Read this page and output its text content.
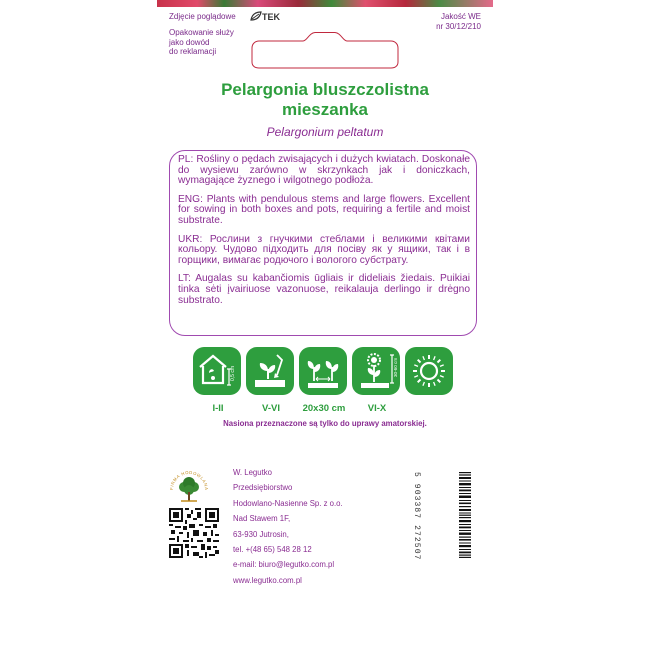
Zdjęcie poglądowe	TEK	Jakość WE
nr 30/12/210
Opakowanie służy
jako dowód
do reklamacji
Pelargonia bluszczolistna
mieszanka
Pelargonium peltatum

PL: Rośliny o pędach zwisających i dużych kwiatach. Doskonałe do wysiewu zarówno w skrzynkach jak i doniczkach, wymagające żyznego i wilgotnego podłoża.

ENG: Plants with pendulous stems and large flowers. Excellent for sowing in both boxes and pots, requiring a fertile and moist substrate.

UKR: Рослини з гнучкими стеблами і великими квітами кольору. Чудово підходить для посіву як у ящики, так і в горщики, вимагає родючого і вологого субстрату.

LT: Augalas su kabančiomis ūgliais ir dideliais žiedais. Puikiai tinka sėti įvairiuose vazonuose, reikalauja derlingo ir drėgno substrato.

0,5 cm	30-60 cm
I-II	V-VI	20x30 cm	VI-X
Nasiona przeznaczone są tylko do uprawy amatorskiej.
FIRMA HODOWLANA
W. Legutko
Przedsiębiorstwo
Hodowlano-Nasienne Sp. z o.o.
Nad Stawem 1F,
63-930 Jutrosin,
tel. +(48 65) 548 28 12
e-mail: biuro@legutko.com.pl
www.legutko.com.pl
5 903387 272507
